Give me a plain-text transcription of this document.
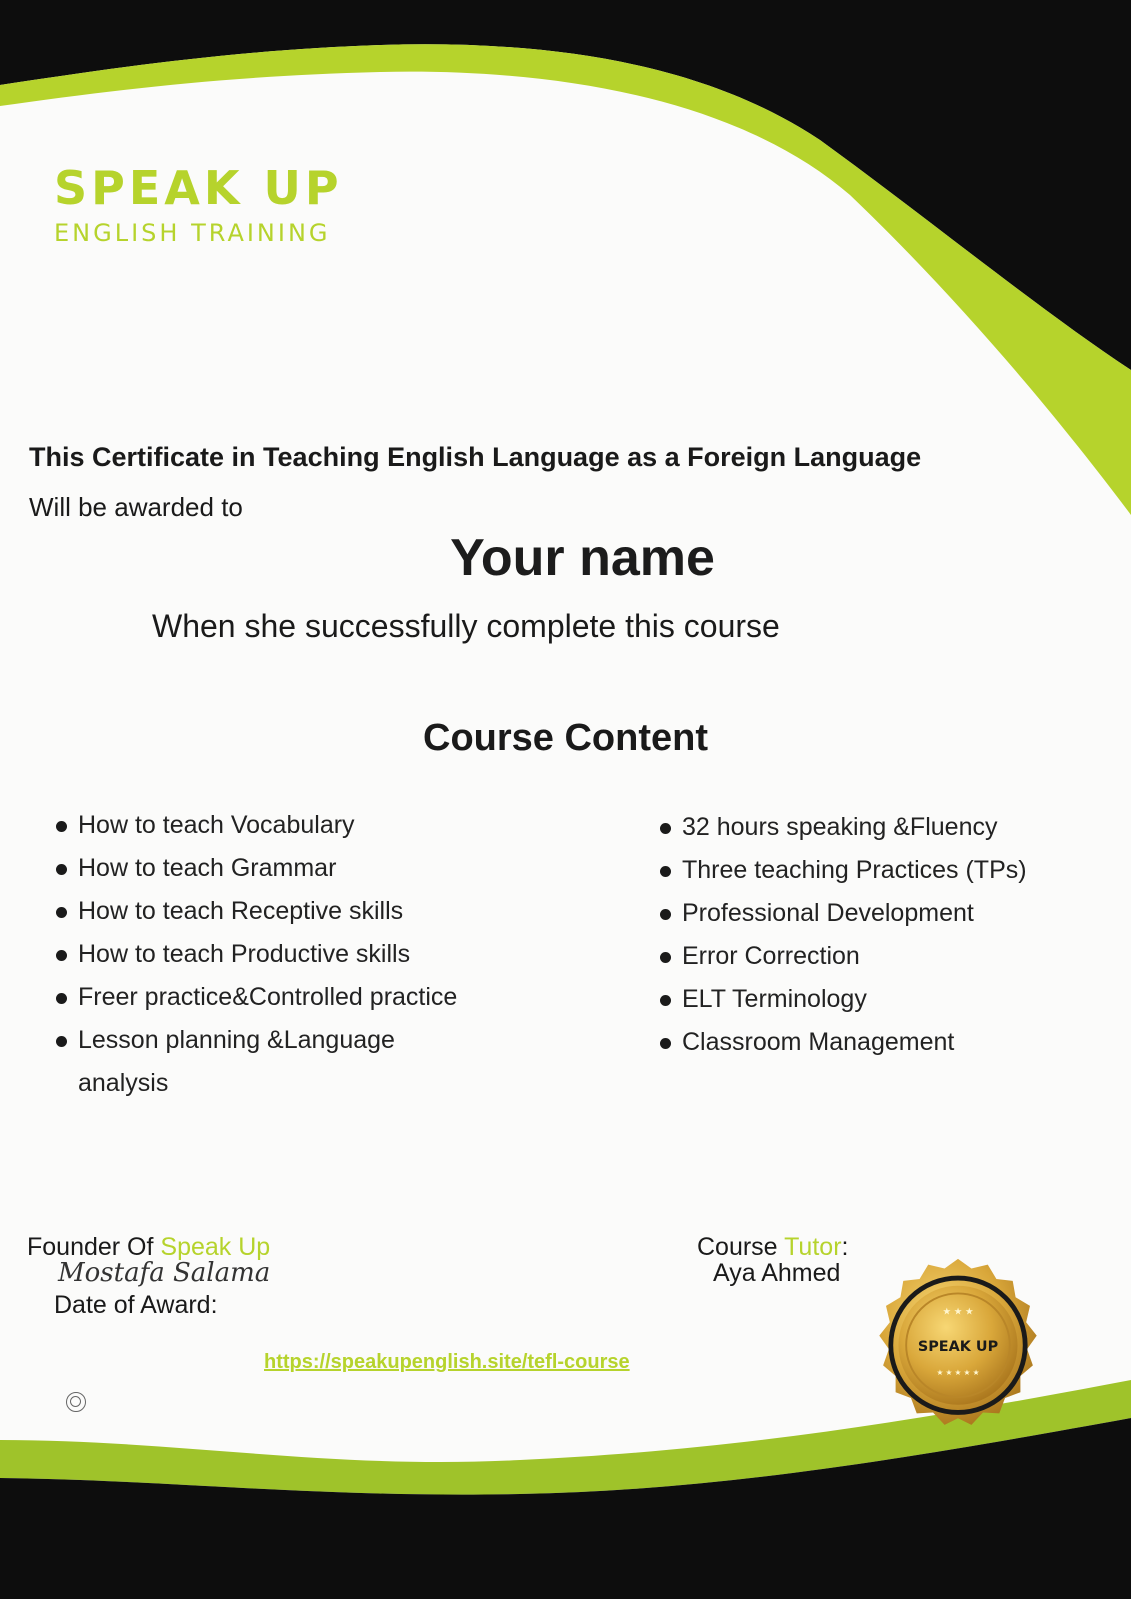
SPEAK UP
ENGLISH TRAINING
This Certificate in Teaching English Language as a Foreign Language
Will be awarded to
Your name
When she successfully complete this course
Course Content
How to teach Vocabulary
How to teach Grammar
How to teach Receptive skills
How to teach Productive skills
Freer practice&Controlled practice
Lesson planning &Language analysis
32 hours speaking &Fluency
Three teaching Practices (TPs)
Professional Development
Error Correction
ELT Terminology
Classroom Management
Founder Of Speak Up
Mostafa Salama
Date of Award:
https://speakupenglish.site/tefl-course
Course Tutor:
Aya Ahmed
SPEAK UP
★ ★ ★
★ ★ ★ ★ ★
